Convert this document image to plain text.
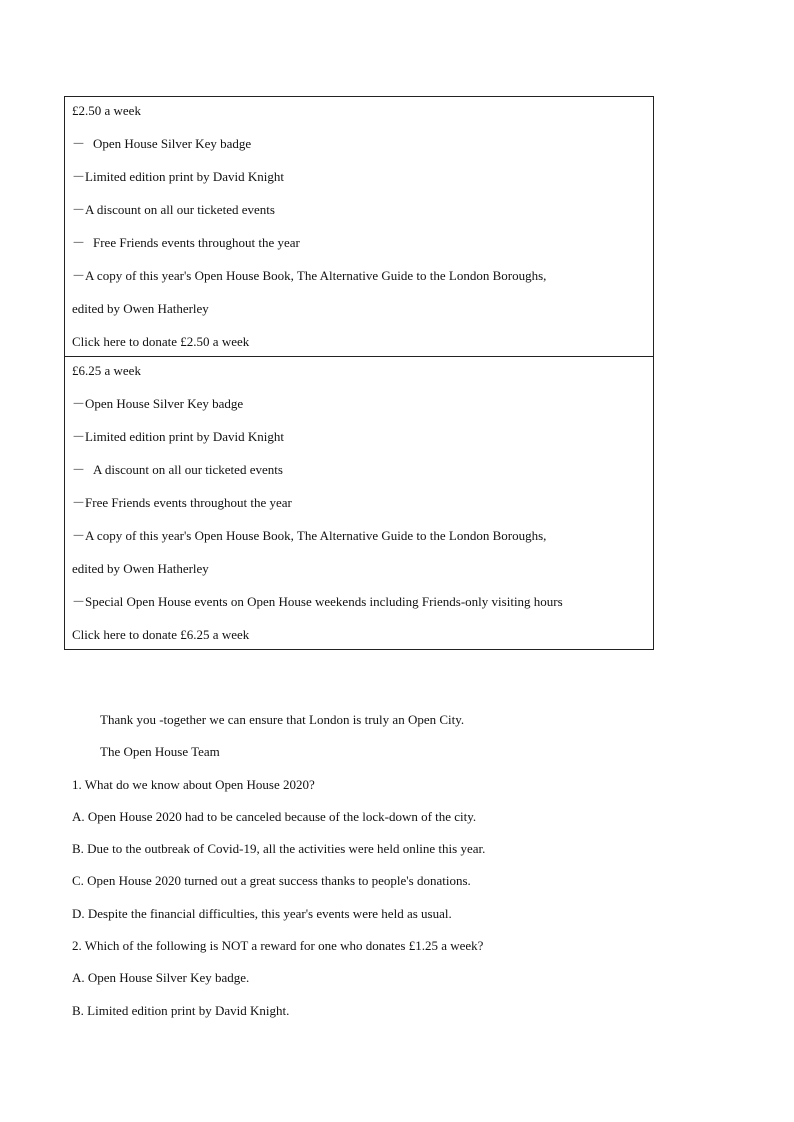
£2.50 a week
－ Open House Silver Key badge
－Limited edition print by David Knight
－A discount on all our ticketed events
－ Free Friends events throughout the year
－A copy of this year's Open House Book, The Alternative Guide to the London Boroughs,
edited by Owen Hatherley
Click here to donate £2.50 a week

£6.25 a week
－Open House Silver Key badge
－Limited edition print by David Knight
－ A discount on all our ticketed events
－Free Friends events throughout the year
－A copy of this year's Open House Book, The Alternative Guide to the London Boroughs,
edited by Owen Hatherley
－Special Open House events on Open House weekends including Friends-only visiting hours
Click here to donate £6.25 a week
Thank you -together we can ensure that London is truly an Open City.
The Open House Team
1. What do we know about Open House 2020?
A. Open House 2020 had to be canceled because of the lock-down of the city.
B. Due to the outbreak of Covid-19, all the activities were held online this year.
C. Open House 2020 turned out a great success thanks to people's donations.
D. Despite the financial difficulties, this year's events were held as usual.
2. Which of the following is NOT a reward for one who donates £1.25 a week?
A. Open House Silver Key badge.
B. Limited edition print by David Knight.
